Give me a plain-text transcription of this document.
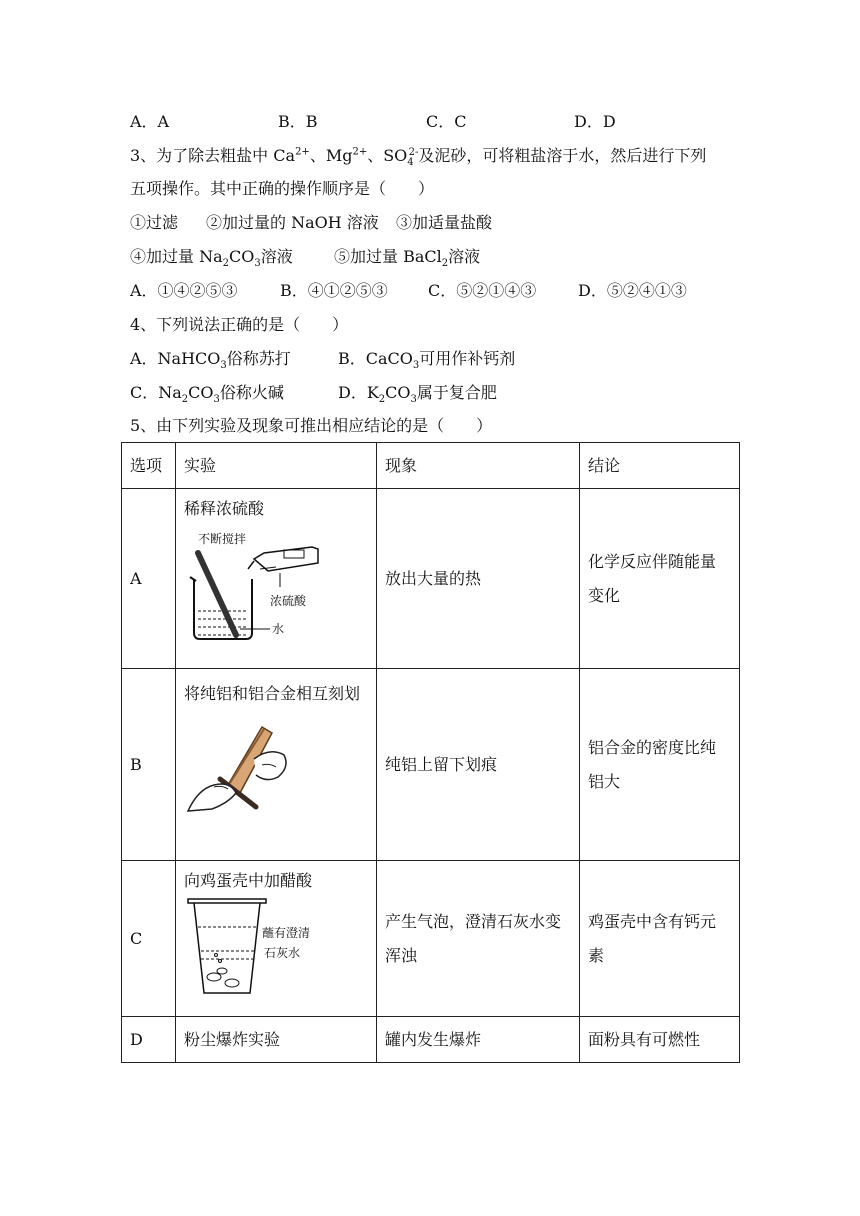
A．A	B．B	C．C	D．D
3、为了除去粗盐中 $Ca^{2+}$、$Mg^{2+}$、$SO_4^{2-}$及泥砂，可将粗盐溶于水，然后进行下列
五项操作。其中正确的操作顺序是（　　）
①过滤 ②加过量的 NaOH 溶液 ③加适量盐酸
④加过量 $Na_2CO_3$溶液	⑤加过量 BaCl$_2$溶液
A．①④②⑤③	B．④①②⑤③	C．⑤②①④③	D．⑤②④①③
4、下列说法正确的是（　　）
A．NaHCO$_3$俗称苏打	B．CaCO$_3$可用作补钙剂
C．$Na_2CO_3$俗称火碱	D．$K_2CO_3$属于复合肥
5、由下列实验及现象可推出相应结论的是（　　）
选项	实验	现象	结论
A	稀释浓硫酸
不断搅拌
浓硫酸
水	放出大量的热	化学反应伴随能量变化
B	将纯铝和铝合金相互刻划	纯铝上留下划痕	铝合金的密度比纯铝大
C	向鸡蛋壳中加醋酸
蘸有澄清
石灰水	产生气泡，澄清石灰水变浑浊	鸡蛋壳中含有钙元素
D	粉尘爆炸实验	罐内发生爆炸	面粉具有可燃性
